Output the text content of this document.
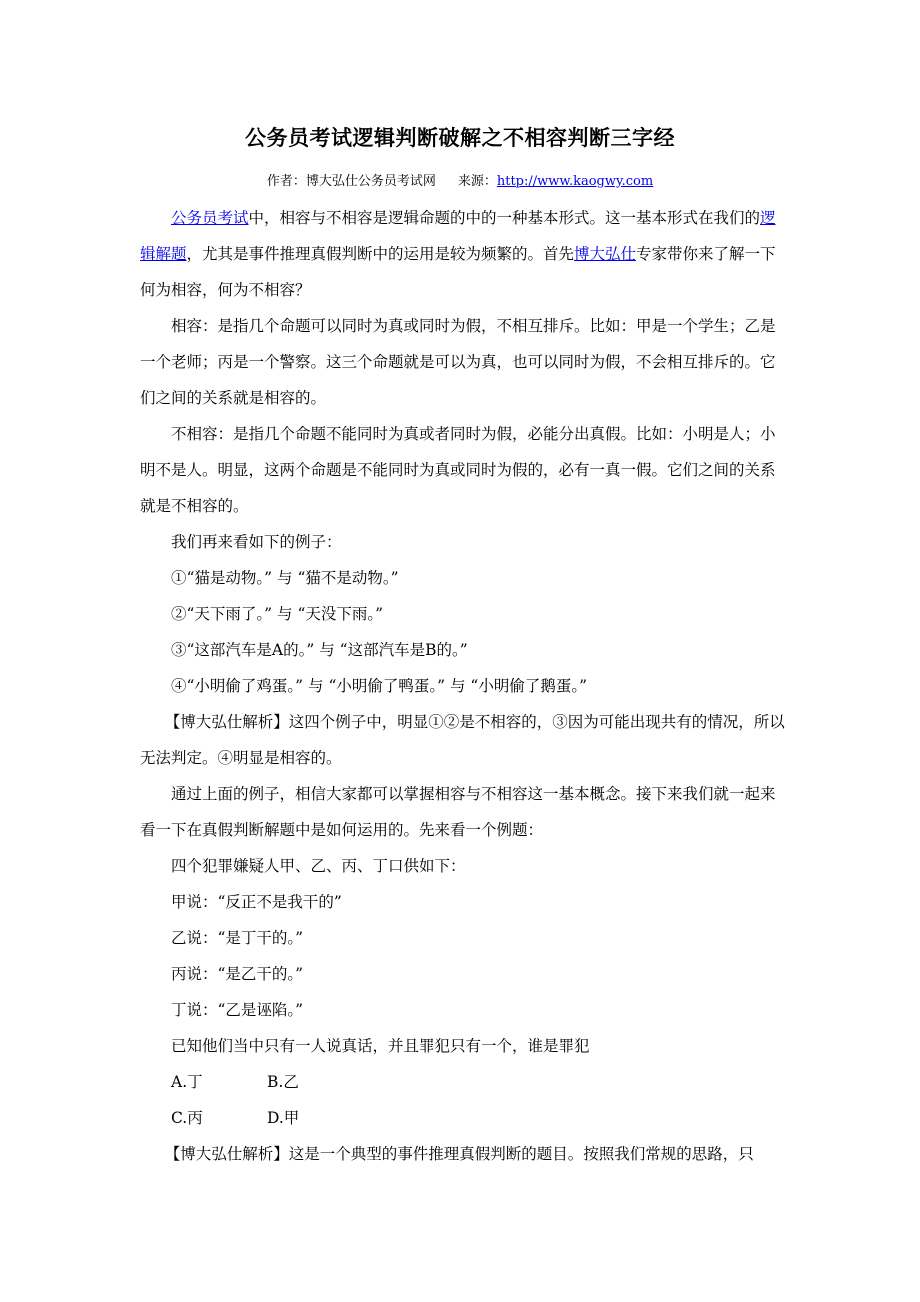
公务员考试逻辑判断破解之不相容判断三字经
作者：博大弘仕公务员考试网 来源：http://www.kaogwy.com

公务员考试中，相容与不相容是逻辑命题的中的一种基本形式。这一基本形式在我们的逻辑解题，尤其是事件推理真假判断中的运用是较为频繁的。首先博大弘仕专家带你来了解一下何为相容，何为不相容？

相容：是指几个命题可以同时为真或同时为假，不相互排斥。比如：甲是一个学生；乙是一个老师；丙是一个警察。这三个命题就是可以为真，也可以同时为假，不会相互排斥的。它们之间的关系就是相容的。

不相容：是指几个命题不能同时为真或者同时为假，必能分出真假。比如：小明是人；小明不是人。明显，这两个命题是不能同时为真或同时为假的，必有一真一假。它们之间的关系就是不相容的。

我们再来看如下的例子：

①“猫是动物。” 与 “猫不是动物。”

②“天下雨了。” 与 “天没下雨。”

③“这部汽车是A的。” 与 “这部汽车是B的。”

④“小明偷了鸡蛋。” 与 “小明偷了鸭蛋。” 与 “小明偷了鹅蛋。”

【博大弘仕解析】这四个例子中，明显①②是不相容的，③因为可能出现共有的情况，所以无法判定。④明显是相容的。

通过上面的例子，相信大家都可以掌握相容与不相容这一基本概念。接下来我们就一起来看一下在真假判断解题中是如何运用的。先来看一个例题：

四个犯罪嫌疑人甲、乙、丙、丁口供如下：

甲说：“反正不是我干的”

乙说：“是丁干的。”

丙说：“是乙干的。”

丁说：“乙是诬陷。”

已知他们当中只有一人说真话，并且罪犯只有一个，谁是罪犯

A.丁	B.乙
C.丙	D.甲

【博大弘仕解析】这是一个典型的事件推理真假判断的题目。按照我们常规的思路，只
